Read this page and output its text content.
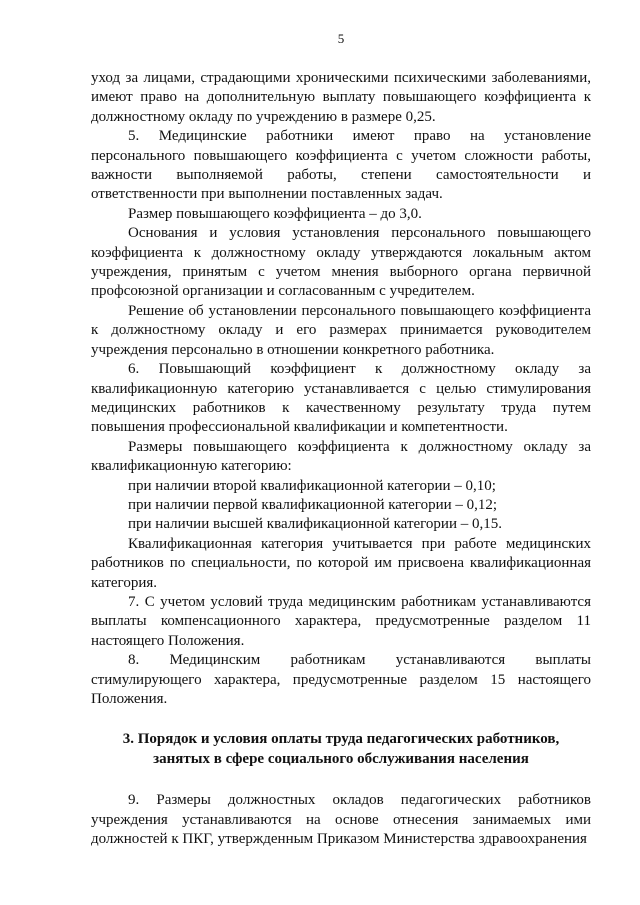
5

уход за лицами, страдающими хроническими психическими заболеваниями, имеют право на дополнительную выплату повышающего коэффициента к должностному окладу по учреждению в размере 0,25.

5. Медицинские работники имеют право на установление персонального повышающего коэффициента с учетом сложности работы, важности выполняемой работы, степени самостоятельности и ответственности при выполнении поставленных задач.

Размер повышающего коэффициента – до 3,0.

Основания и условия установления персонального повышающего коэффициента к должностному окладу утверждаются локальным актом учреждения, принятым с учетом мнения выборного органа первичной профсоюзной организации и согласованным с учредителем.

Решение об установлении персонального повышающего коэффициента к должностному окладу и его размерах принимается руководителем учреждения персонально в отношении конкретного работника.

6. Повышающий коэффициент к должностному окладу за квалификационную категорию устанавливается с целью стимулирования медицинских работников к качественному результату труда путем повышения профессиональной квалификации и компетентности.

Размеры повышающего коэффициента к должностному окладу за квалификационную категорию:

при наличии второй квалификационной категории – 0,10;

при наличии первой квалификационной категории – 0,12;

при наличии высшей квалификационной категории – 0,15.

Квалификационная категория учитывается при работе медицинских работников по специальности, по которой им присвоена квалификационная категория.

7. С учетом условий труда медицинским работникам устанавливаются выплаты компенсационного характера, предусмотренные разделом 11 настоящего Положения.

8. Медицинским работникам устанавливаются выплаты стимулирующего характера, предусмотренные разделом 15 настоящего Положения.

3. Порядок и условия оплаты труда педагогических работников,
занятых в сфере социального обслуживания населения

9. Размеры должностных окладов педагогических работников учреждения устанавливаются на основе отнесения занимаемых ими должностей к ПКГ, утвержденным Приказом Министерства здравоохранения
